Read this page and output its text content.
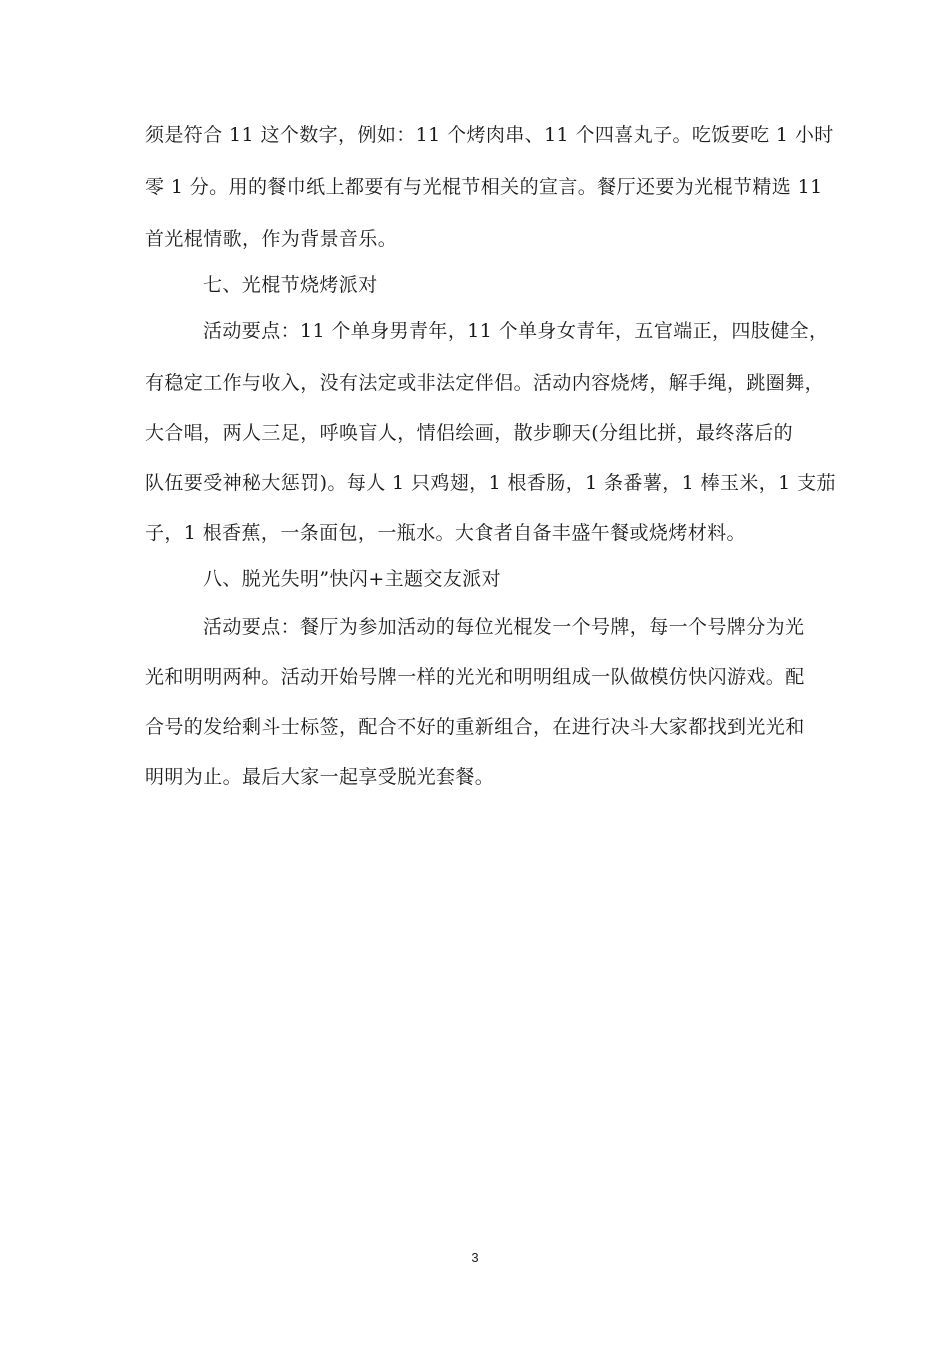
须是符合 11 这个数字，例如：11 个烤肉串、11 个四喜丸子。吃饭要吃 1 小时
零 1 分。用的餐巾纸上都要有与光棍节相关的宣言。餐厅还要为光棍节精选 11
首光棍情歌，作为背景音乐。
七、光棍节烧烤派对
活动要点：11 个单身男青年，11 个单身女青年，五官端正，四肢健全，
有稳定工作与收入，没有法定或非法定伴侣。活动内容烧烤，解手绳，跳圈舞，
大合唱，两人三足，呼唤盲人，情侣绘画，散步聊天(分组比拼，最终落后的
队伍要受神秘大惩罚)。每人 1 只鸡翅，1 根香肠，1 条番薯，1 棒玉米，1 支茄
子，1 根香蕉，一条面包，一瓶水。大食者自备丰盛午餐或烧烤材料。
八、脱光失明”快闪+主题交友派对
活动要点：餐厅为参加活动的每位光棍发一个号牌，每一个号牌分为光
光和明明两种。活动开始号牌一样的光光和明明组成一队做模仿快闪游戏。配
合号的发给剩斗士标签，配合不好的重新组合，在进行决斗大家都找到光光和
明明为止。最后大家一起享受脱光套餐。
3
